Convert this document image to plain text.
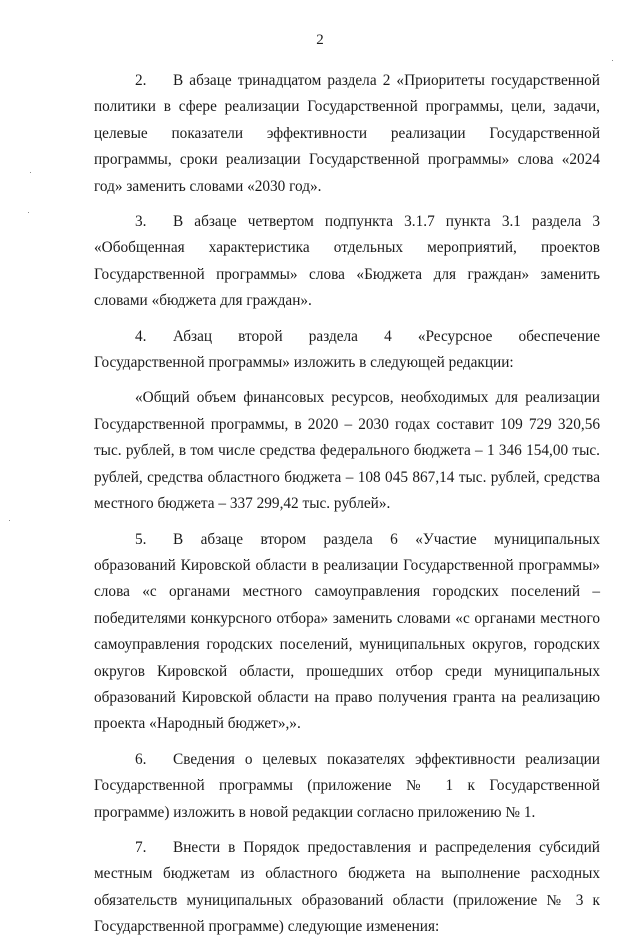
2

2. В абзаце тринадцатом раздела 2 «Приоритеты государственной политики в сфере реализации Государственной программы, цели, задачи, целевые показатели эффективности реализации Государственной программы, сроки реализации Государственной программы» слова «2024 год» заменить словами «2030 год».

3. В абзаце четвертом подпункта 3.1.7 пункта 3.1 раздела 3 «Обобщенная характеристика отдельных мероприятий, проектов Государственной программы» слова «Бюджета для граждан» заменить словами «бюджета для граждан».

4. Абзац второй раздела 4 «Ресурсное обеспечение Государственной программы» изложить в следующей редакции:

«Общий объем финансовых ресурсов, необходимых для реализации Государственной программы, в 2020 – 2030 годах составит 109 729 320,56 тыс. рублей, в том числе средства федерального бюджета – 1 346 154,00 тыс. рублей, средства областного бюджета – 108 045 867,14 тыс. рублей, средства местного бюджета – 337 299,42 тыс. рублей».

5. В абзаце втором раздела 6 «Участие муниципальных образований Кировской области в реализации Государственной программы» слова «с органами местного самоуправления городских поселений – победителями конкурсного отбора» заменить словами «с органами местного самоуправления городских поселений, муниципальных округов, городских округов Кировской области, прошедших отбор среди муниципальных образований Кировской области на право получения гранта на реализацию проекта «Народный бюджет»,».

6. Сведения о целевых показателях эффективности реализации Государственной программы (приложение № 1 к Государственной программе) изложить в новой редакции согласно приложению № 1.

7. Внести в Порядок предоставления и распределения субсидий местным бюджетам из областного бюджета на выполнение расходных обязательств муниципальных образований области (приложение № 3 к Государственной программе) следующие изменения:
